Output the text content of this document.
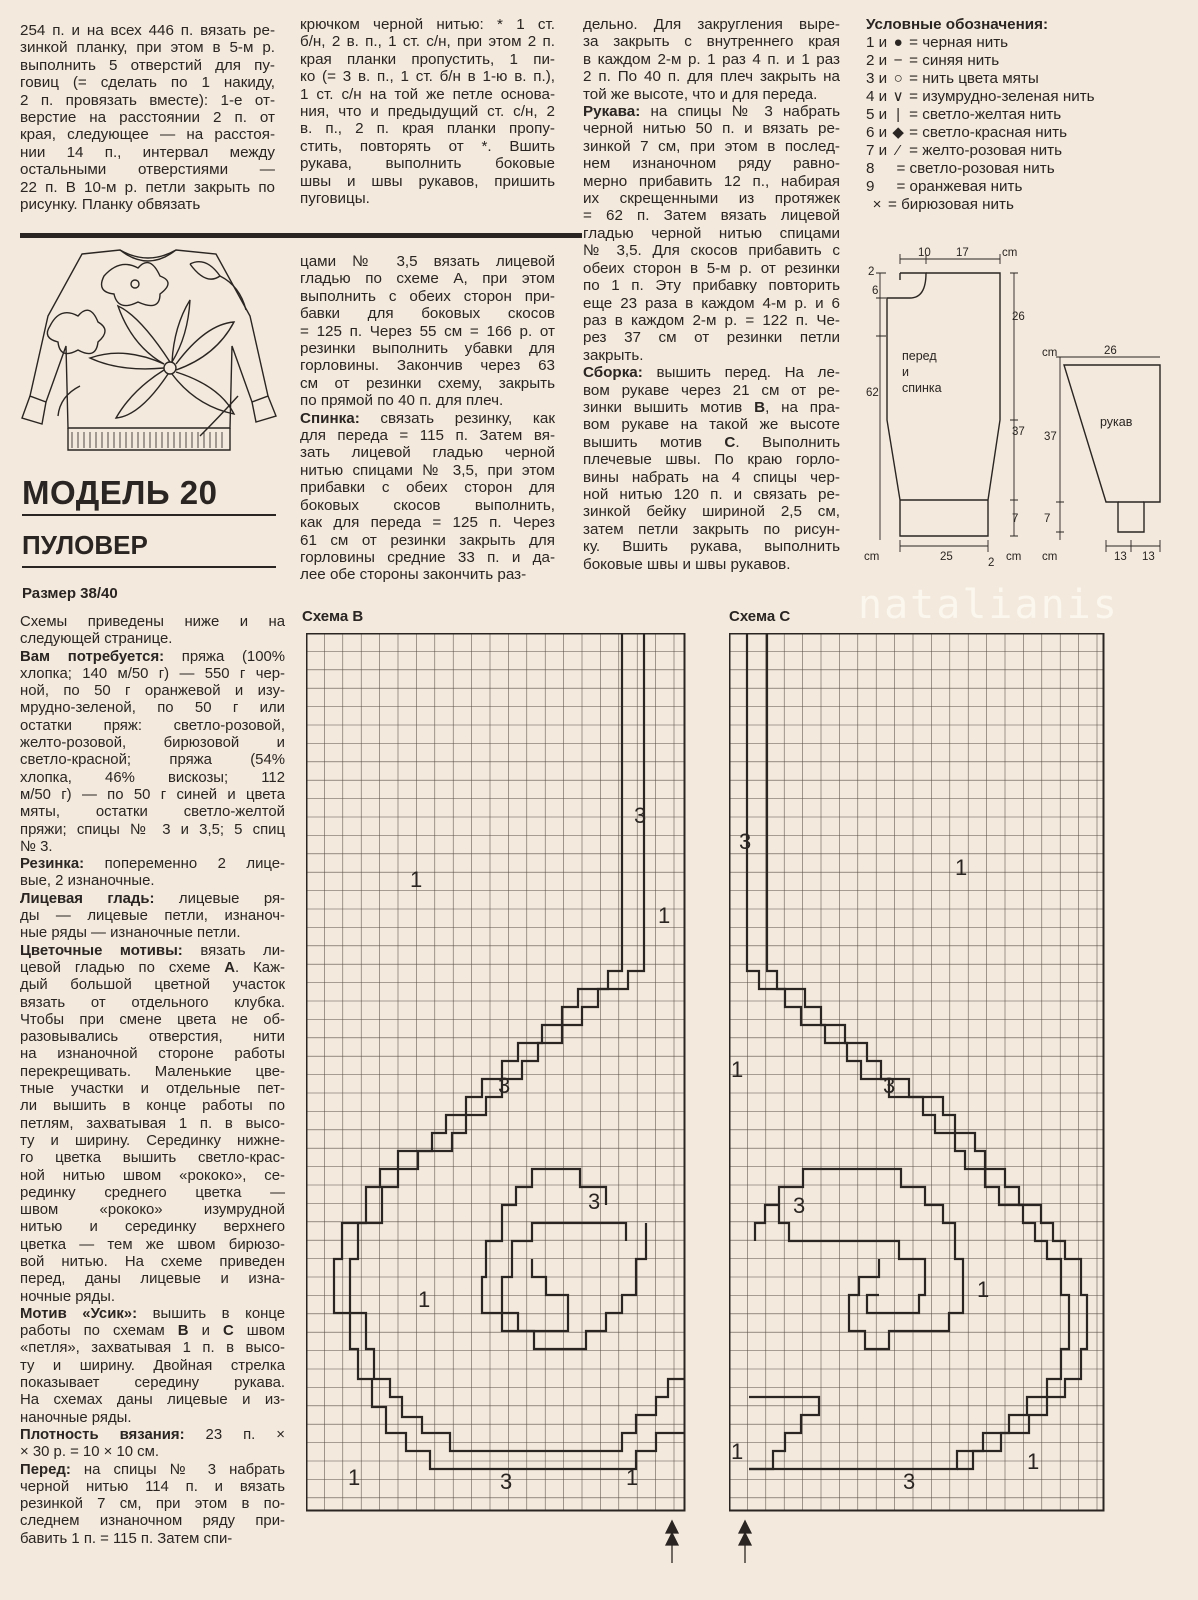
254 п. и на всех 446 п. вязать ре-

зинкой планку, при этом в 5-м р.

выполнить 5 отверстий для пу-

говиц (= сделать по 1 накиду,

2 п. провязать вместе): 1-е от-

верстие на расстоянии 2 п. от

края, следующее — на расстоя-

нии 14 п., интервал между

остальными отверстиями —

22 п. В 10-м р. петли закрыть по

рисунку. Планку обвязать

крючком черной нитью: * 1 ст.

б/н, 2 в. п., 1 ст. с/н, при этом 2 п.

края планки пропустить, 1 пи-

ко (= 3 в. п., 1 ст. б/н в 1-ю в. п.),

1 ст. с/н на той же петле основа-

ния, что и предыдущий ст. с/н, 2

в. п., 2 п. края планки пропу-

стить, повторять от *. Вшить

рукава, выполнить боковые

швы и швы рукавов, пришить

пуговицы.

дельно. Для закругления выре-

за закрыть с внутреннего края

в каждом 2-м р. 1 раз 4 п. и 1 раз

2 п. По 40 п. для плеч закрыть на

той же высоте, что и для переда.

Рукава: на спицы № 3 набрать

черной нитью 50 п. и вязать ре-

зинкой 7 см, при этом в послед-

нем изнаночном ряду равно-

мерно прибавить 12 п., набирая

их скрещенными из протяжек

= 62 п. Затем вязать лицевой

гладью черной нитью спицами

№ 3,5. Для скосов прибавить с

обеих сторон в 5-м р. от резинки

по 1 п. Эту прибавку повторить

еще 23 раза в каждом 4-м р. и 6

раз в каждом 2-м р. = 122 п. Че-

рез 37 см от резинки петли

закрыть.

Сборка: вышить перед. На ле-

вом рукаве через 21 см от ре-

зинки вышить мотив В, на пра-

вом рукаве на такой же высоте

вышить мотив С. Выполнить

плечевые швы. По краю горло-

вины набрать на 4 спицы чер-

ной нитью 120 п. и связать ре-

зинкой бейку шириной 2,5 см,

затем петли закрыть по рисун-

ку. Вшить рукава, выполнить

боковые швы и швы рукавов.

цами № 3,5 вязать лицевой

гладью по схеме А, при этом

выполнить с обеих сторон при-

бавки для боковых скосов

= 125 п. Через 55 см = 166 р. от

резинки выполнить убавки для

горловины. Закончив через 63

см от резинки схему, закрыть

по прямой по 40 п. для плеч.

Спинка: связать резинку, как

для переда = 115 п. Затем вя-

зать лицевой гладью черной

нитью спицами № 3,5, при этом

прибавки с обеих сторон для

боковых скосов выполнить,

как для переда = 125 п. Через

61 см от резинки закрыть для

горловины средние 33 п. и да-

лее обе стороны закончить раз-

Схемы приведены ниже и на

следующей странице.

Вам потребуется: пряжа (100%

хлопка; 140 м/50 г) — 550 г чер-

ной, по 50 г оранжевой и изу-

мрудно-зеленой, по 50 г или

остатки пряж: светло-розовой,

желто-розовой, бирюзовой и

светло-красной; пряжа (54%

хлопка, 46% вискозы; 112

м/50 г) — по 50 г синей и цвета

мяты, остатки светло-желтой

пряжи; спицы № 3 и 3,5; 5 спиц

№ 3.

Резинка: попеременно 2 лице-

вые, 2 изнаночные.

Лицевая гладь: лицевые ря-

ды — лицевые петли, изнаноч-

ные ряды — изнаночные петли.

Цветочные мотивы: вязать ли-

цевой гладью по схеме А. Каж-

дый большой цветной участок

вязать от отдельного клубка.

Чтобы при смене цвета не об-

разовывались отверстия, нити

на изнаночной стороне работы

перекрещивать. Маленькие цве-

тные участки и отдельные пет-

ли вышить в конце работы по

петлям, захватывая 1 п. в высо-

ту и ширину. Серединку нижне-

го цветка вышить светло-крас-

ной нитью швом «рококо», се-

рединку среднего цветка —

швом «рококо» изумрудной

нитью и серединку верхнего

цветка — тем же швом бирюзо-

вой нитью. На схеме приведен

перед, даны лицевые и изна-

ночные ряды.

Мотив «Усик»: вышить в конце

работы по схемам В и С швом

«петля», захватывая 1 п. в высо-

ту и ширину. Двойная стрелка

показывает середину рукава.

На схемах даны лицевые и из-

наночные ряды.

Плотность вязания: 23 п. ×

× 30 р. = 10 × 10 см.

Перед: на спицы № 3 набрать

черной нитью 114 п. и вязать

резинкой 7 см, при этом в по-

следнем изнаночном ряду при-

бавить 1 п. = 115 п. Затем спи-

МОДЕЛЬ 20
ПУЛОВЕР
Размер 38/40
Условные обозначения:
1 и ● = черная нить
2 и − = синяя нить
3 и ○ = нить цвета мяты
4 и ∨ = изумрудно-зеленая нить
5 и | = светло-желтая нить
6 и ◆ = светло-красная нить
7 и ⁄ = желто-розовая нить
8 = светло-розовая нить
9 = оранжевая нить
× = бирюзовая нить
10 17	cm
2
6
26
62
37
7
25	2
cm	cm
cm	26
37
7
13 13
cm
перед и спинка
рукав
natalianis
Схема В	Схема С
1
3
1
3
3
1
1	3	1
3
1
1
3
3
1
1
3
1
